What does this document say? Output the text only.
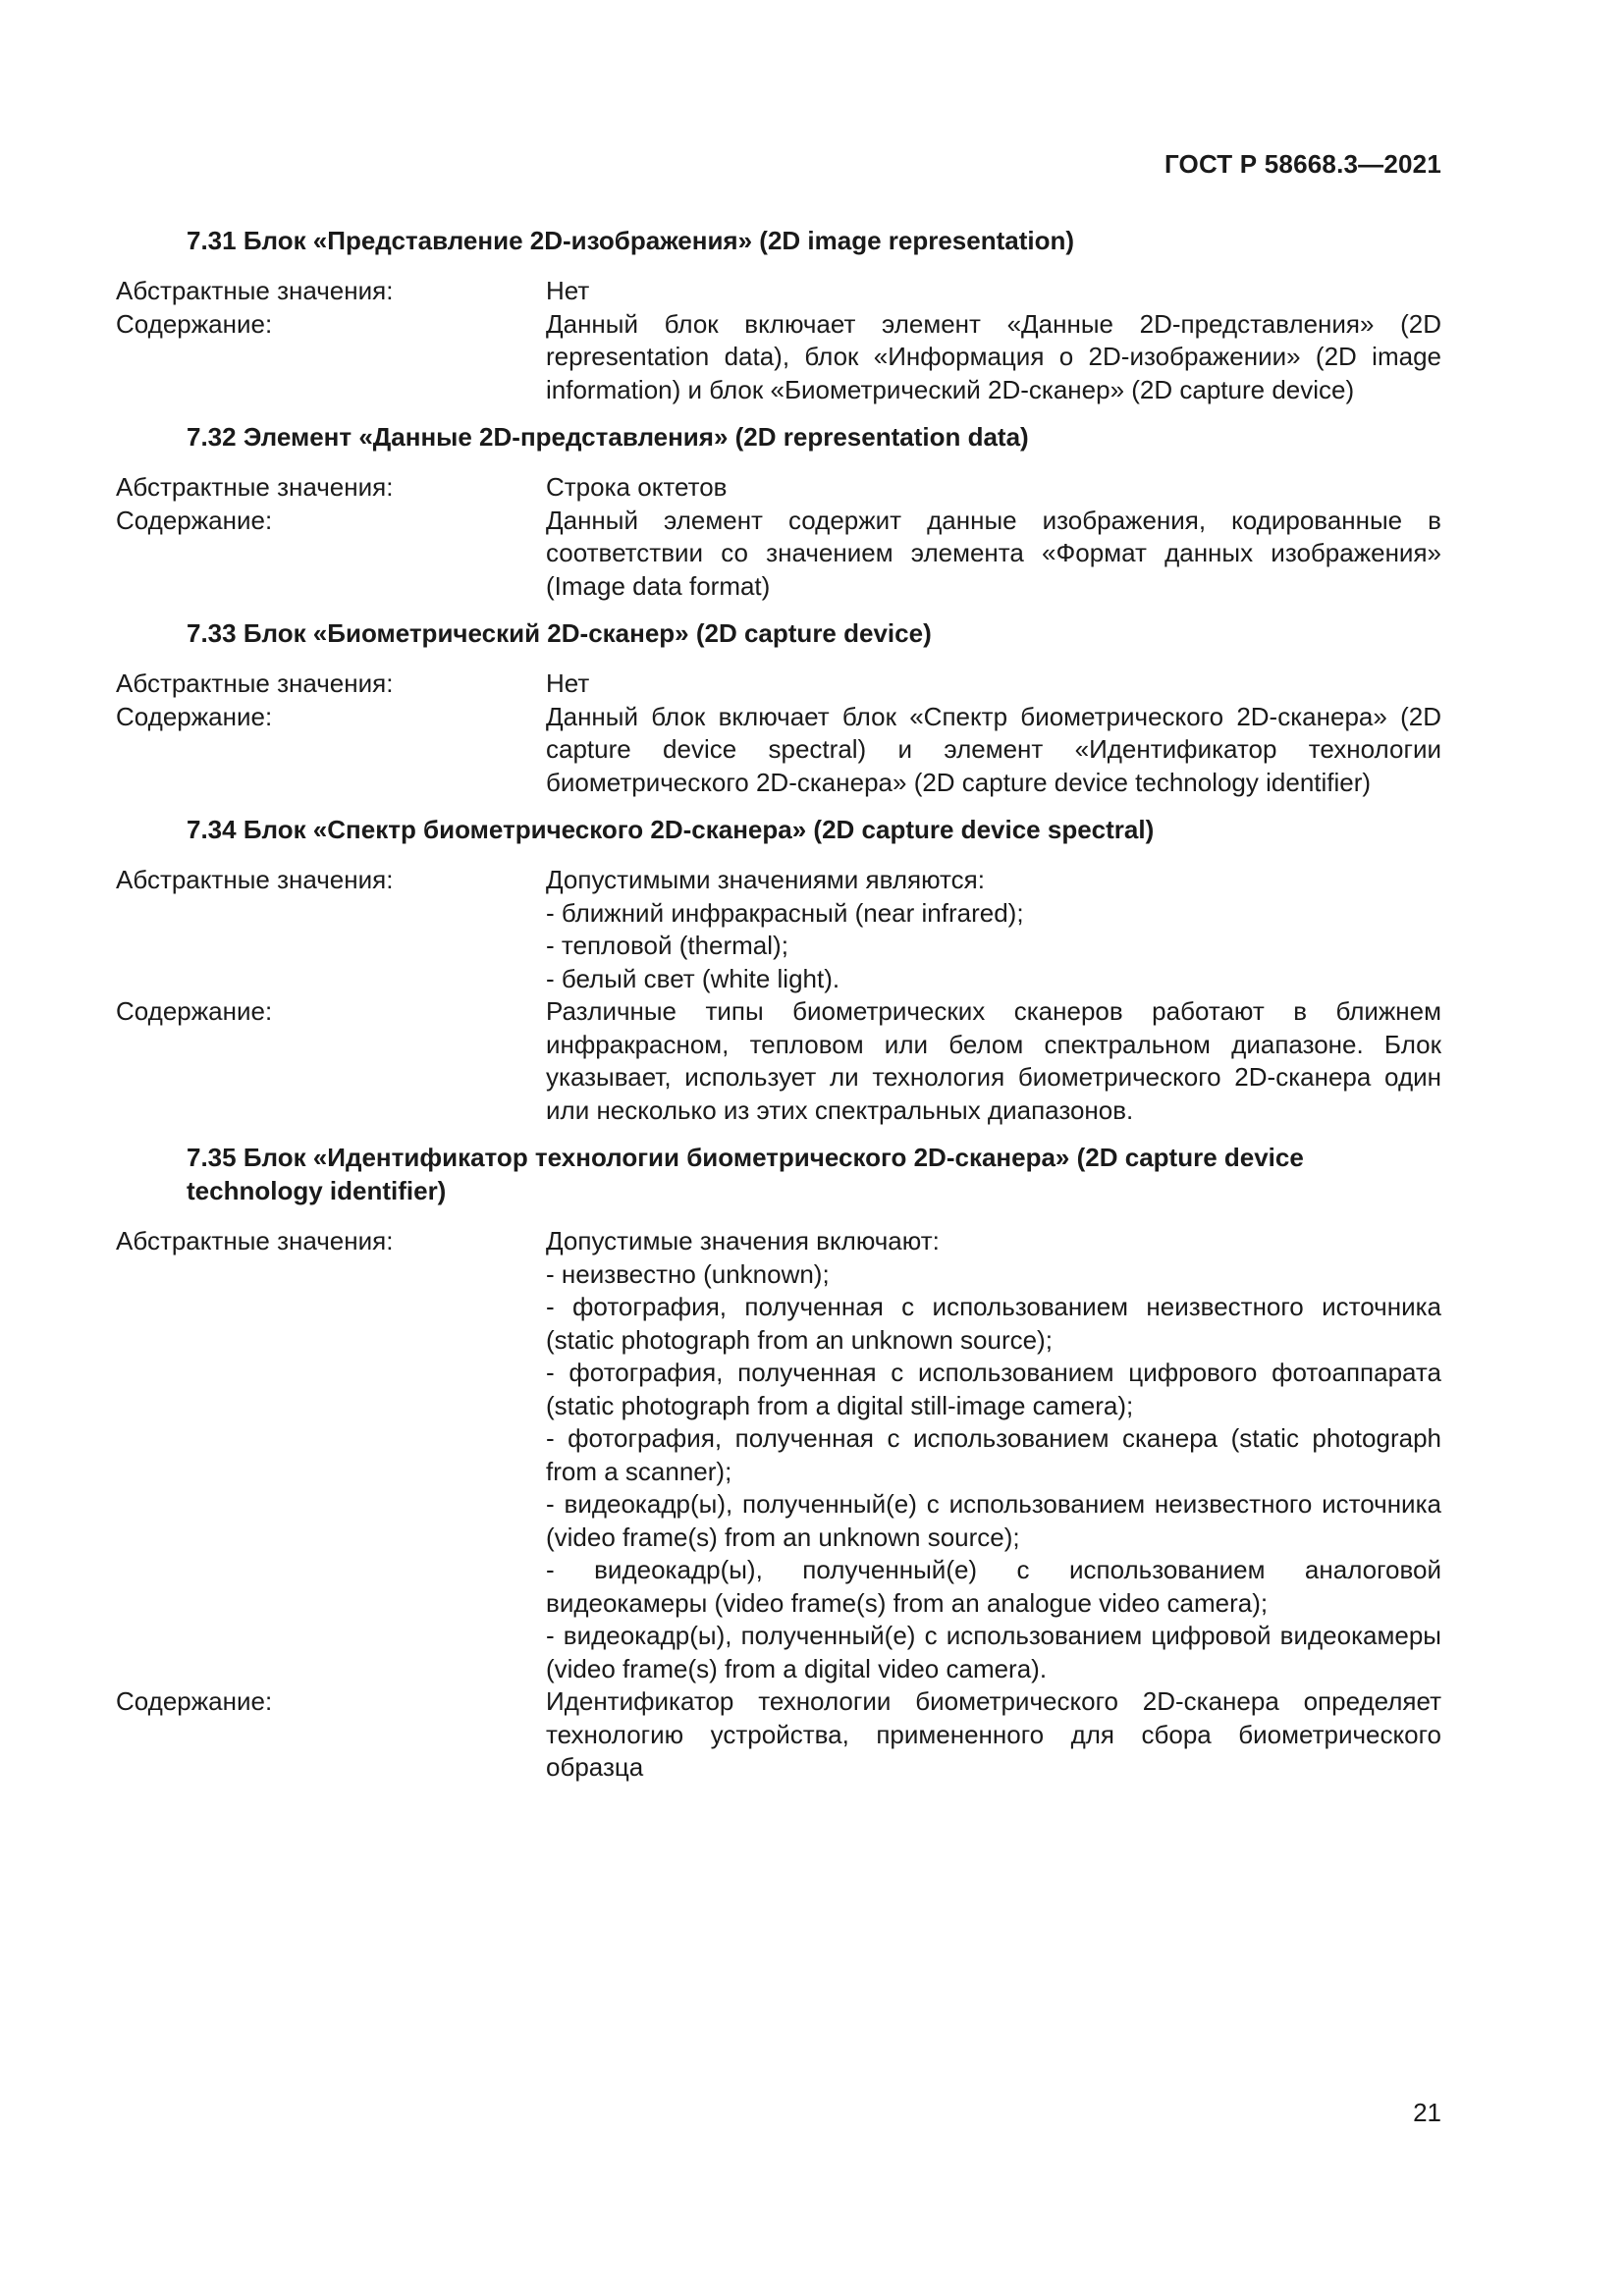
ГОСТ Р 58668.3—2021
7.31 Блок «Представление 2D-изображения» (2D image representation)
Абстрактные значения:	Нет
Содержание:	Данный блок включает элемент «Данные 2D-представления» (2D representation data), блок «Информация о 2D-изображении» (2D image information) и блок «Биометрический 2D-сканер» (2D capture device)
7.32 Элемент «Данные 2D-представления» (2D representation data)
Абстрактные значения:	Строка октетов
Содержание:	Данный элемент содержит данные изображения, кодированные в соответствии со значением элемента «Формат данных изображения» (Image data format)
7.33 Блок «Биометрический 2D-сканер» (2D capture device)
Абстрактные значения:	Нет
Содержание:	Данный блок включает блок «Спектр биометрического 2D-сканера» (2D capture device spectral) и элемент «Идентификатор технологии биометрического 2D-сканера» (2D capture device technology identifier)
7.34 Блок «Спектр биометрического 2D-сканера» (2D capture device spectral)
Абстрактные значения:	Допустимыми значениями являются:
- ближний инфракрасный (near infrared);
- тепловой (thermal);
- белый свет (white light).
Содержание:	Различные типы биометрических сканеров работают в ближнем инфракрасном, тепловом или белом спектральном диапазоне. Блок указывает, использует ли технология биометрического 2D-сканера один или несколько из этих спектральных диапазонов.
7.35 Блок «Идентификатор технологии биометрического 2D-сканера» (2D capture device technology identifier)
Абстрактные значения:	Допустимые значения включают:
- неизвестно (unknown);
- фотография, полученная с использованием неизвестного источника (static photograph from an unknown source);
- фотография, полученная с использованием цифрового фотоаппарата (static photograph from a digital still-image camera);
- фотография, полученная с использованием сканера (static photograph from a scanner);
- видеокадр(ы), полученный(е) с использованием неизвестного источника (video frame(s) from an unknown source);
- видеокадр(ы), полученный(е) с использованием аналоговой видеокамеры (video frame(s) from an analogue video camera);
- видеокадр(ы), полученный(е) с использованием цифровой видеокамеры (video frame(s) from a digital video camera).
Содержание:	Идентификатор технологии биометрического 2D-сканера определяет технологию устройства, примененного для сбора биометрического образца
21
